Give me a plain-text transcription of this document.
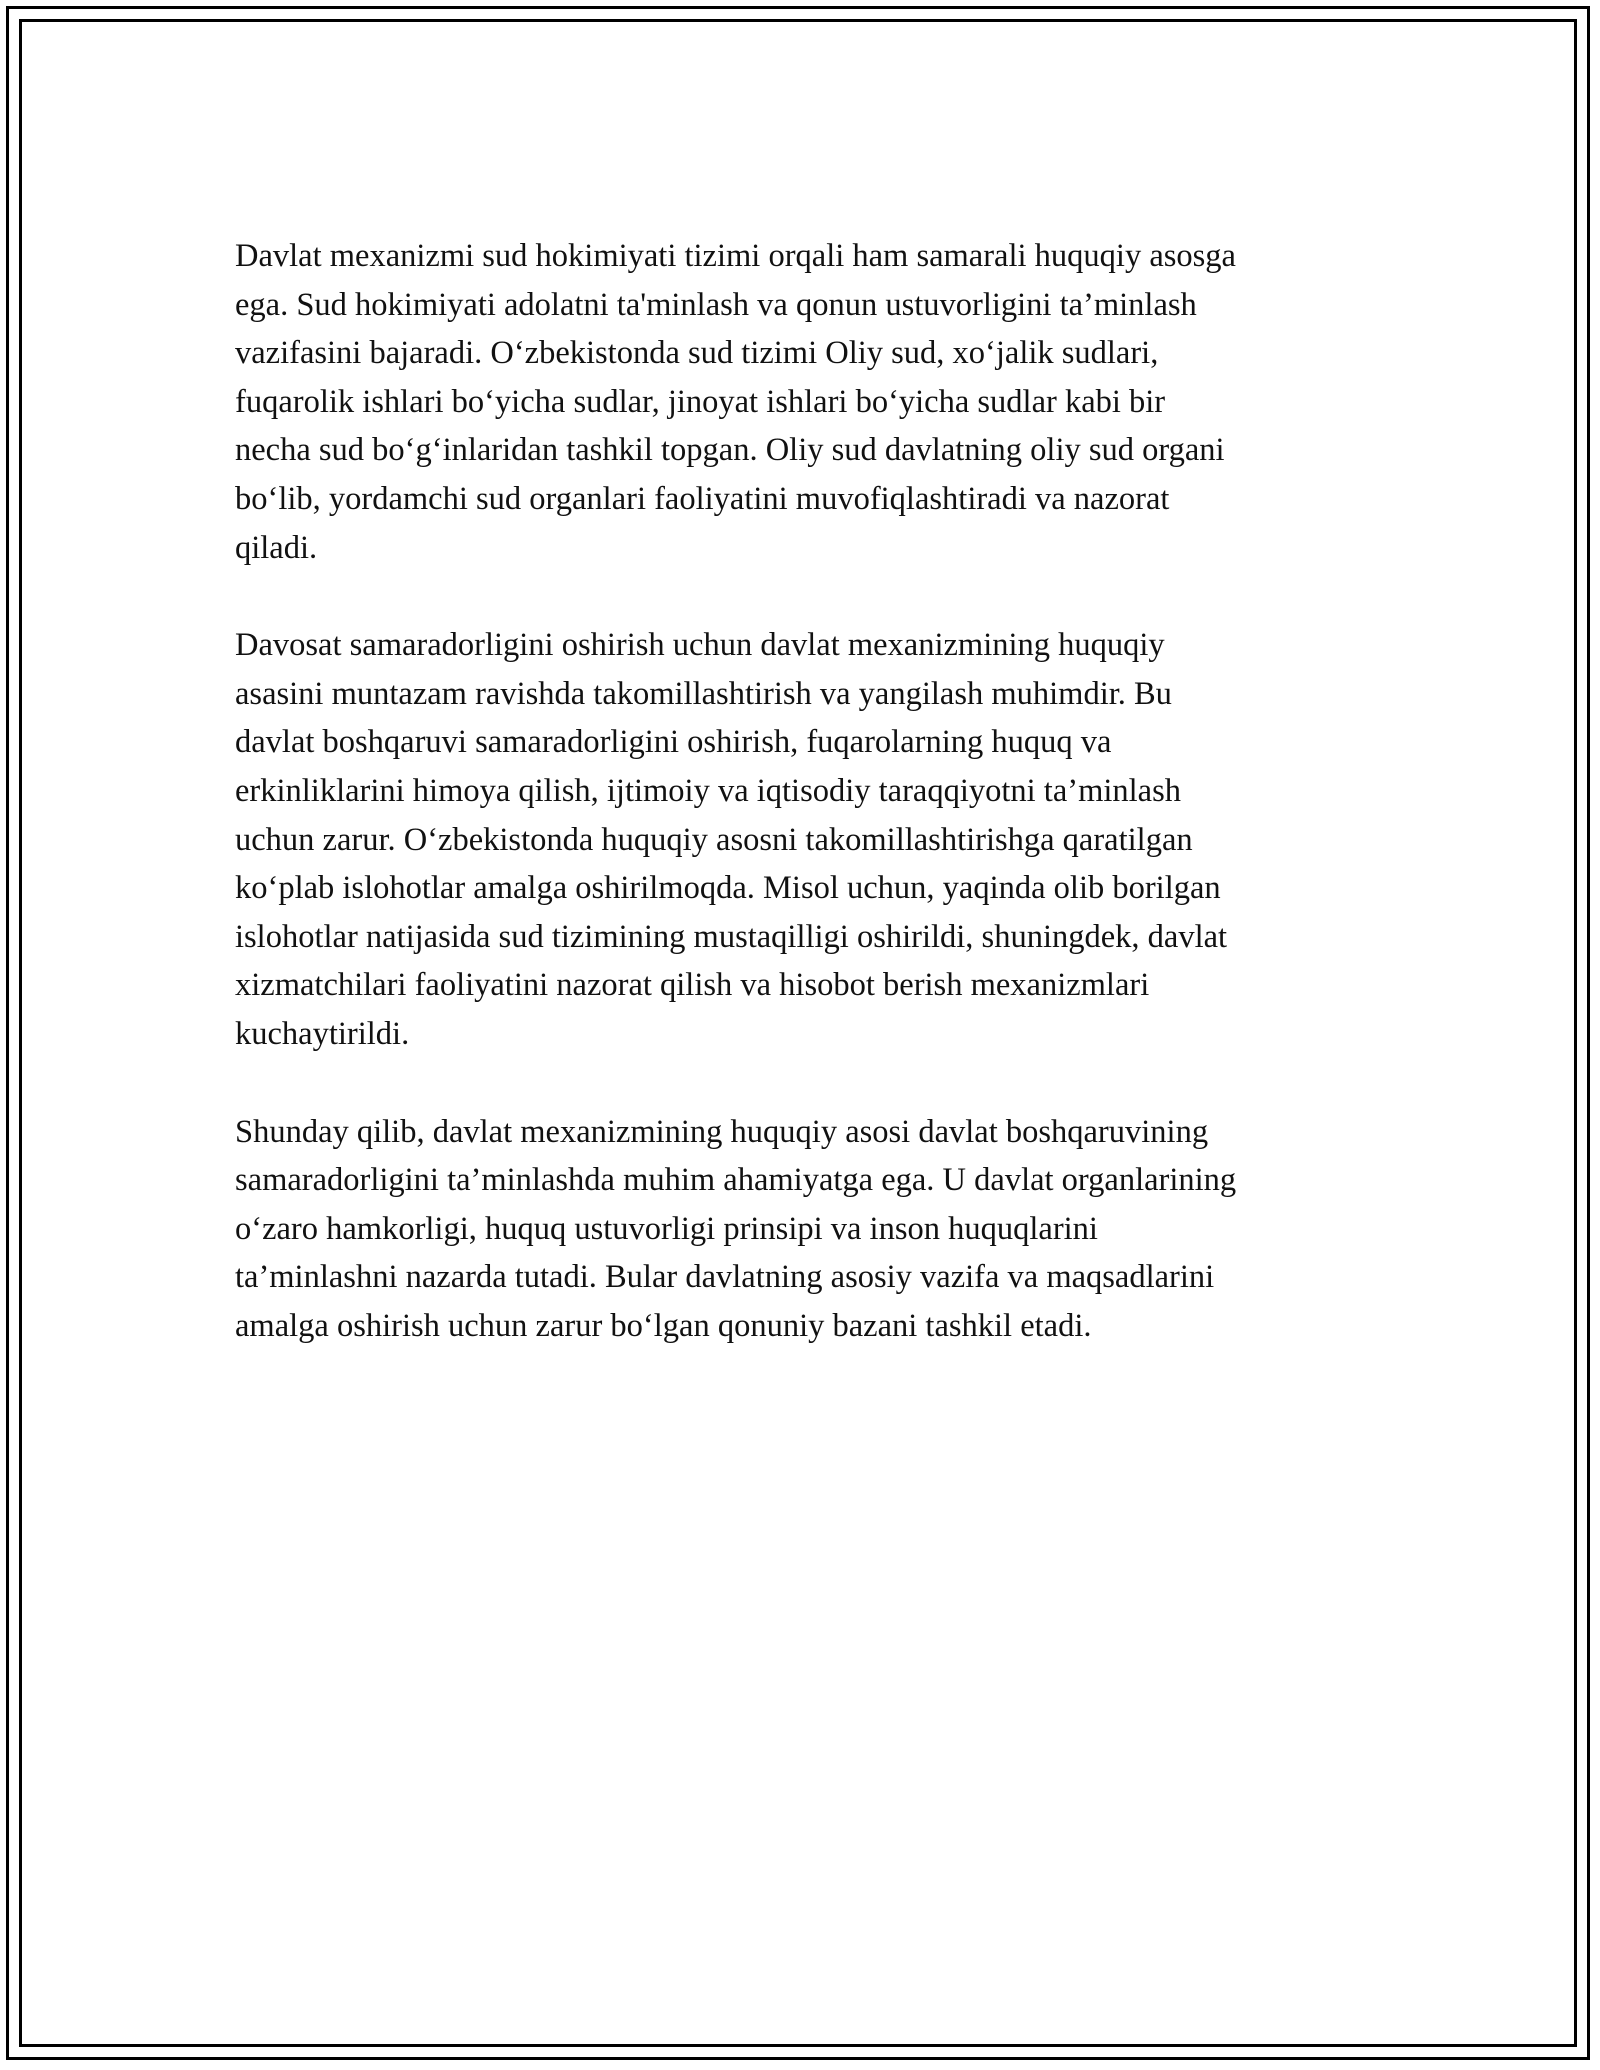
Davlat mexanizmi sud hokimiyati tizimi orqali ham samarali huquqiy asosga
ega. Sud hokimiyati adolatni ta'minlash va qonun ustuvorligini ta’minlash
vazifasini bajaradi. O‘zbekistonda sud tizimi Oliy sud, xo‘jalik sudlari,
fuqarolik ishlari bo‘yicha sudlar, jinoyat ishlari bo‘yicha sudlar kabi bir
necha sud bo‘g‘inlaridan tashkil topgan. Oliy sud davlatning oliy sud organi
bo‘lib, yordamchi sud organlari faoliyatini muvofiqlashtiradi va nazorat
qiladi.

Davosat samaradorligini oshirish uchun davlat mexanizmining huquqiy
asasini muntazam ravishda takomillashtirish va yangilash muhimdir. Bu
davlat boshqaruvi samaradorligini oshirish, fuqarolarning huquq va
erkinliklarini himoya qilish, ijtimoiy va iqtisodiy taraqqiyotni ta’minlash
uchun zarur. O‘zbekistonda huquqiy asosni takomillashtirishga qaratilgan
ko‘plab islohotlar amalga oshirilmoqda. Misol uchun, yaqinda olib borilgan
islohotlar natijasida sud tizimining mustaqilligi oshirildi, shuningdek, davlat
xizmatchilari faoliyatini nazorat qilish va hisobot berish mexanizmlari
kuchaytirildi.

Shunday qilib, davlat mexanizmining huquqiy asosi davlat boshqaruvining
samaradorligini ta’minlashda muhim ahamiyatga ega. U davlat organlarining
o‘zaro hamkorligi, huquq ustuvorligi prinsipi va inson huquqlarini
ta’minlashni nazarda tutadi. Bular davlatning asosiy vazifa va maqsadlarini
amalga oshirish uchun zarur bo‘lgan qonuniy bazani tashkil etadi.
